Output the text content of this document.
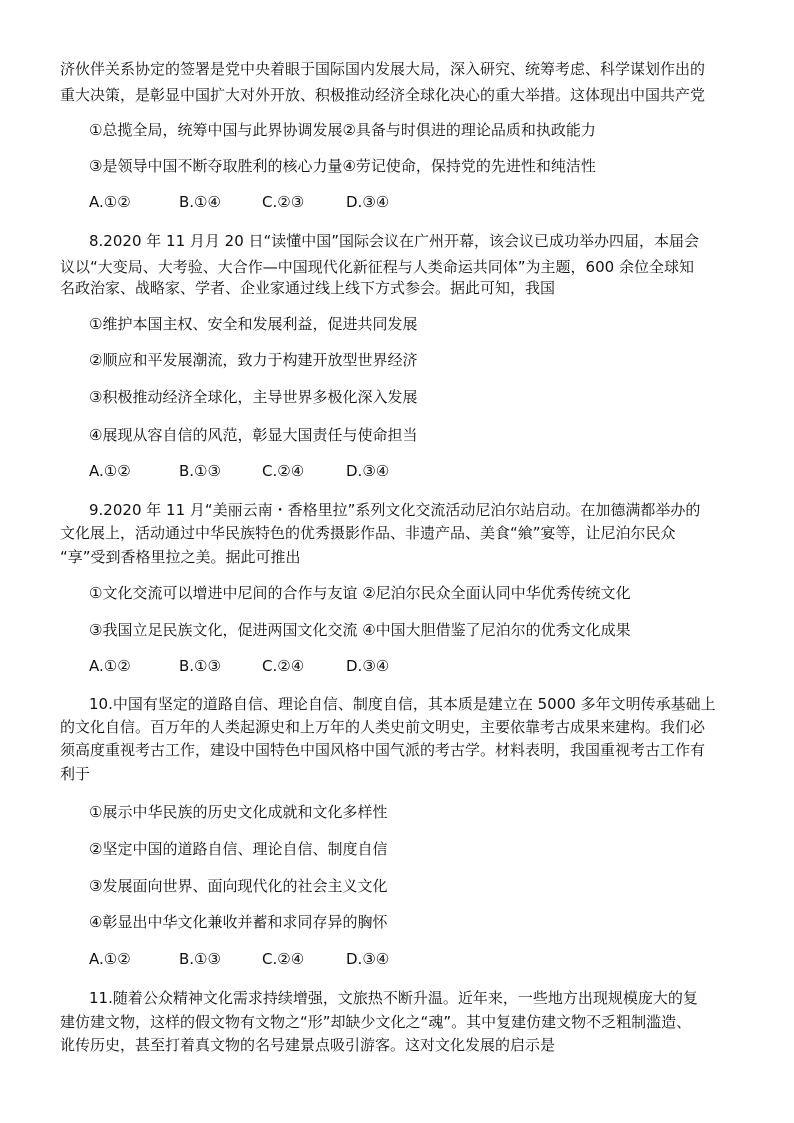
济伙伴关系协定的签署是党中央着眼于国际国内发展大局，深入研究、统筹考虑、科学谋划作出的
重大决策，是彰显中国扩大对外开放、积极推动经济全球化决心的重大举措。这体现出中国共产党
①总揽全局，统筹中国与此界协调发展②具备与时俱进的理论品质和执政能力
③是领导中国不断夺取胜利的核心力量④劳记使命，保持党的先进性和纯洁性
A.①②	B.①④	C.②③	D.③④
8.2020 年 11 月月 20 日“读懂中国”国际会议在广州开幕，该会议已成功举办四届，本届会
议以“大变局、大考验、大合作—中国现代化新征程与人类命运共同体”为主题，600 余位全球知
名政治家、战略家、学者、企业家通过线上线下方式参会。据此可知，我国
①维护本国主权、安全和发展利益，促进共同发展
②顺应和平发展潮流，致力于构建开放型世界经济
③积极推动经济全球化，主导世界多极化深入发展
④展现从容自信的风范，彰显大国责任与使命担当
A.①②	B.①③	C.②④	D.③④
9.2020 年 11 月“美丽云南・香格里拉”系列文化交流活动尼泊尔站启动。在加德满都举办的
文化展上，活动通过中华民族特色的优秀摄影作品、非遗产品、美食“飨”宴等，让尼泊尔民众
“享”受到香格里拉之美。据此可推出
①文化交流可以增进中尼间的合作与友谊 ②尼泊尔民众全面认同中华优秀传统文化
③我国立足民族文化，促进两国文化交流 ④中国大胆借鉴了尼泊尔的优秀文化成果
A.①②	B.①③	C.②④	D.③④
10.中国有坚定的道路自信、理论自信、制度自信，其本质是建立在 5000 多年文明传承基础上
的文化自信。百万年的人类起源史和上万年的人类史前文明史，主要依靠考古成果来建构。我们必
须高度重视考古工作，建设中国特色中国风格中国气派的考古学。材料表明，我国重视考古工作有
利于
①展示中华民族的历史文化成就和文化多样性
②坚定中国的道路自信、理论自信、制度自信
③发展面向世界、面向现代化的社会主义文化
④彰显出中华文化兼收并蓄和求同存异的胸怀
A.①②	B.①③	C.②④	D.③④
11.随着公众精神文化需求持续增强，文旅热不断升温。近年来，一些地方出现规模庞大的复
建仿建文物，这样的假文物有文物之“形”却缺少文化之“魂”。其中复建仿建文物不乏粗制滥造、
讹传历史，甚至打着真文物的名号建景点吸引游客。这对文化发展的启示是
